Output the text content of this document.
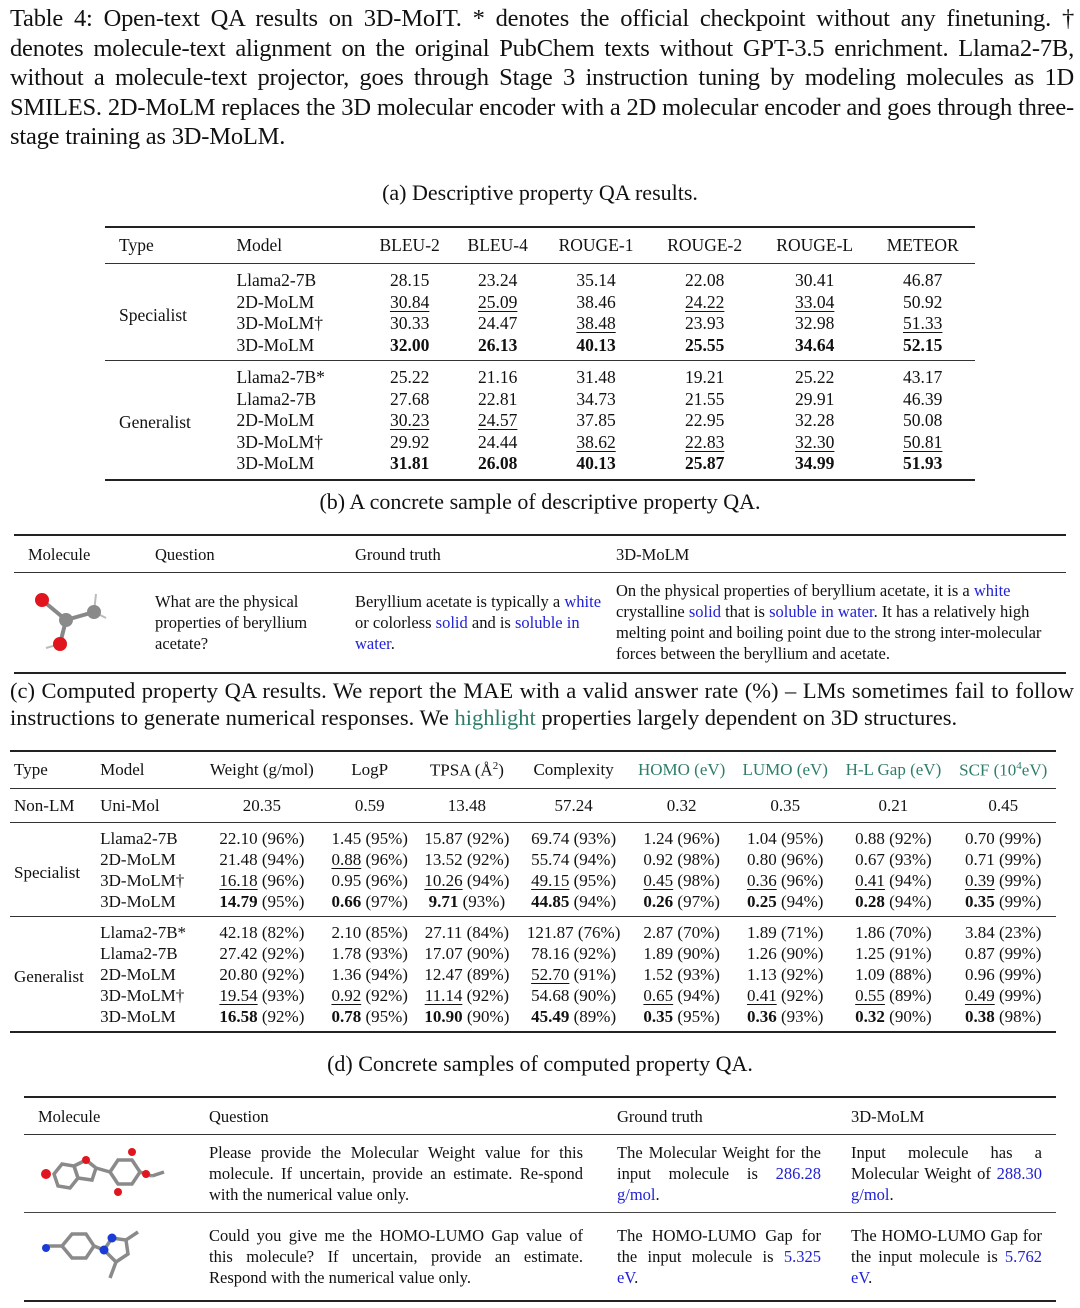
Table 4: Open-text QA results on 3D-MoIT. * denotes the official checkpoint without any finetuning. † denotes molecule-text alignment on the original PubChem texts without GPT-3.5 enrichment. Llama2-7B, without a molecule-text projector, goes through Stage 3 instruction tuning by modeling molecules as 1D SMILES. 2D-MoLM replaces the 3D molecular encoder with a 2D molecular encoder and goes through three-stage training as 3D-MoLM.
(a) Descriptive property QA results.
Type	Model	BLEU-2	BLEU-4	ROUGE-1	ROUGE-2	ROUGE-L	METEOR
Specialist	Llama2-7B	28.15	23.24	35.14	22.08	30.41	46.87
	2D-MoLM	30.84	25.09	38.46	24.22	33.04	50.92
	3D-MoLM†	30.33	24.47	38.48	23.93	32.98	51.33
	3D-MoLM	32.00	26.13	40.13	25.55	34.64	52.15
Generalist	Llama2-7B*	25.22	21.16	31.48	19.21	25.22	43.17
	Llama2-7B	27.68	22.81	34.73	21.55	29.91	46.39
	2D-MoLM	30.23	24.57	37.85	22.95	32.28	50.08
	3D-MoLM†	29.92	24.44	38.62	22.83	32.30	50.81
	3D-MoLM	31.81	26.08	40.13	25.87	34.99	51.93
(b) A concrete sample of descriptive property QA.
Molecule	Question	Ground truth	3D-MoLM

	What are the physical properties of beryllium acetate?	Beryllium acetate is typically a white or colorless solid and is soluble in water.	On the physical properties of beryllium acetate, it is a white crystalline solid that is soluble in water. It has a relatively high melting point and boiling point due to the strong inter-molecular forces between the beryllium and acetate.
(c) Computed property QA results. We report the MAE with a valid answer rate (%) – LMs sometimes fail to follow instructions to generate numerical responses. We highlight properties largely dependent on 3D structures.
Type	Model	Weight (g/mol)	LogP	TPSA $(Å^2)$	Complexity	HOMO (eV)	LUMO (eV)	H-L Gap (eV)	SCF $(10^4eV)$
Non-LM	Uni-Mol	20.35	0.59	13.48	57.24	0.32	0.35	0.21	0.45
Specialist	Llama2-7B	22.10 (96%)	1.45 (95%)	15.87 (92%)	69.74 (93%)	1.24 (96%)	1.04 (95%)	0.88 (92%)	0.70 (99%)
	2D-MoLM	21.48 (94%)	0.88 (96%)	13.52 (92%)	55.74 (94%)	0.92 (98%)	0.80 (96%)	0.67 (93%)	0.71 (99%)
	3D-MoLM†	16.18 (96%)	0.95 (96%)	10.26 (94%)	49.15 (95%)	0.45 (98%)	0.36 (96%)	0.41 (94%)	0.39 (99%)
	3D-MoLM	14.79 (95%)	0.66 (97%)	9.71 (93%)	44.85 (94%)	0.26 (97%)	0.25 (94%)	0.28 (94%)	0.35 (99%)
Generalist	Llama2-7B*	42.18 (82%)	2.10 (85%)	27.11 (84%)	121.87 (76%)	2.87 (70%)	1.89 (71%)	1.86 (70%)	3.84 (23%)
	Llama2-7B	27.42 (92%)	1.78 (93%)	17.07 (90%)	78.16 (92%)	1.89 (90%)	1.26 (90%)	1.25 (91%)	0.87 (99%)
	2D-MoLM	20.80 (92%)	1.36 (94%)	12.47 (89%)	52.70 (91%)	1.52 (93%)	1.13 (92%)	1.09 (88%)	0.96 (99%)
	3D-MoLM†	19.54 (93%)	0.92 (92%)	11.14 (92%)	54.68 (90%)	0.65 (94%)	0.41 (92%)	0.55 (89%)	0.49 (99%)
	3D-MoLM	16.58 (92%)	0.78 (95%)	10.90 (90%)	45.49 (89%)	0.35 (95%)	0.36 (93%)	0.32 (90%)	0.38 (98%)
(d) Concrete samples of computed property QA.
Molecule	Question	Ground truth	3D-MoLM

	Please provide the Molecular Weight value for this molecule. If uncertain, provide an estimate. Re-spond with the numerical value only.	The Molecular Weight for the input molecule is 286.28 g/mol.	Input molecule has a Molecular Weight of 288.30 g/mol.

	Could you give me the HOMO-LUMO Gap value of this molecule? If uncertain, provide an estimate. Respond with the numerical value only.	The HOMO-LUMO Gap for the input molecule is 5.325 eV.	The HOMO-LUMO Gap for the input molecule is 5.762 eV.
